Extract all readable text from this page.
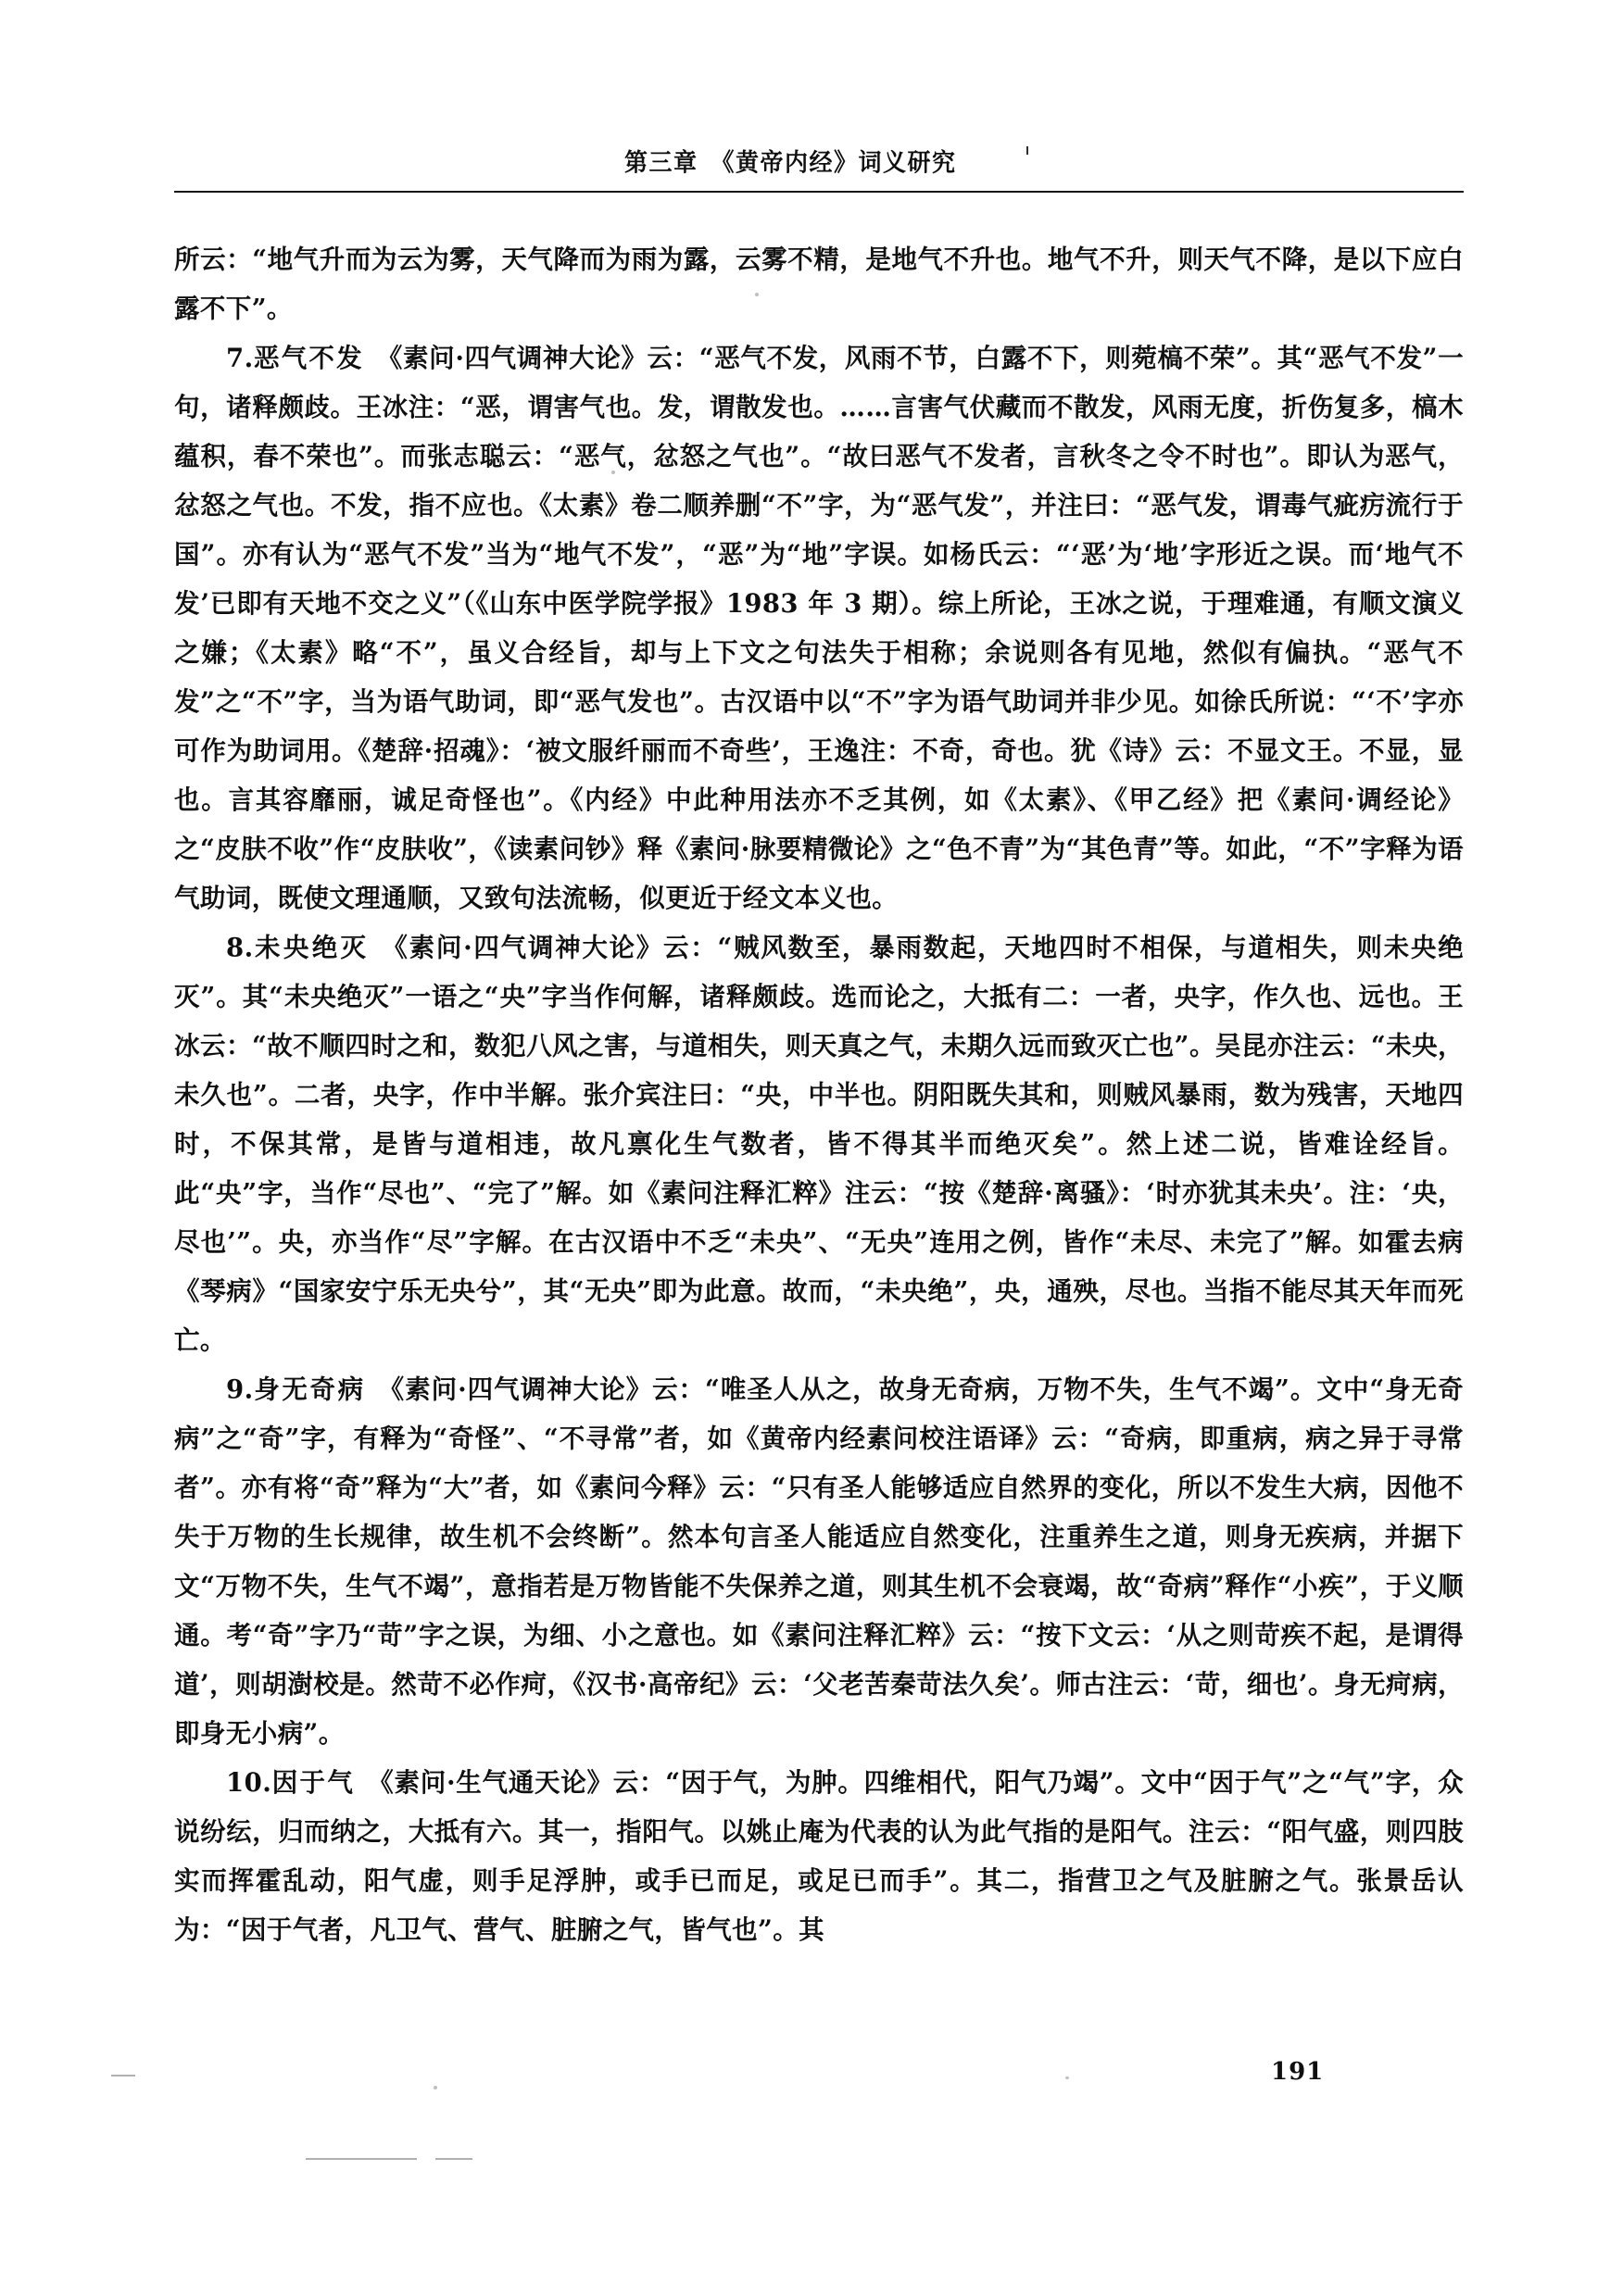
第三章　《黄帝内经》词义研究

所云：“地气升而为云为雾，天气降而为雨为露，云雾不精，是地气不升也。地气不升，则天气不降，是以下应白露不下”。

7.恶气不发 《素问·四气调神大论》云：“恶气不发，风雨不节，白露不下，则菀槁不荣”。其“恶气不发”一句，诸释颇歧。王冰注：“恶，谓害气也。发，谓散发也。……言害气伏藏而不散发，风雨无度，折伤复多，槁木蕴积，春不荣也”。而张志聪云：“恶气，忿怒之气也”。“故曰恶气不发者，言秋冬之令不时也”。即认为恶气，忿怒之气也。不发，指不应也。《太素》卷二顺养删“不”字，为“恶气发”，并注曰：“恶气发，谓毒气疵疠流行于国”。亦有认为“恶气不发”当为“地气不发”，“恶”为“地”字误。如杨氏云：“‘恶’为‘地’字形近之误。而‘地气不发’已即有天地不交之义”（《山东中医学院学报》1983 年 3 期）。综上所论，王冰之说，于理难通，有顺文演义之嫌；《太素》略“不”，虽义合经旨，却与上下文之句法失于相称；余说则各有见地，然似有偏执。“恶气不发”之“不”字，当为语气助词，即“恶气发也”。古汉语中以“不”字为语气助词并非少见。如徐氏所说：“‘不’字亦可作为助词用。《楚辞·招魂》：‘被文服纤丽而不奇些’，王逸注：不奇，奇也。犹《诗》云：不显文王。不显，显也。言其容靡丽，诚足奇怪也”。《内经》中此种用法亦不乏其例，如《太素》、《甲乙经》把《素问·调经论》之“皮肤不收”作“皮肤收”，《读素问钞》释《素问·脉要精微论》之“色不青”为“其色青”等。如此，“不”字释为语气助词，既使文理通顺，又致句法流畅，似更近于经文本义也。

8.未央绝灭 《素问·四气调神大论》云：“贼风数至，暴雨数起，天地四时不相保，与道相失，则未央绝灭”。其“未央绝灭”一语之“央”字当作何解，诸释颇歧。选而论之，大抵有二：一者，央字，作久也、远也。王冰云：“故不顺四时之和，数犯八风之害，与道相失，则天真之气，未期久远而致灭亡也”。吴昆亦注云：“未央，未久也”。二者，央字，作中半解。张介宾注曰：“央，中半也。阴阳既失其和，则贼风暴雨，数为残害，天地四时，不保其常，是皆与道相违，故凡禀化生气数者，皆不得其半而绝灭矣”。然上述二说，皆难诠经旨。此“央”字，当作“尽也”、“完了”解。如《素问注释汇粹》注云：“按《楚辞·离骚》：‘时亦犹其未央’。注：‘央，尽也’”。央，亦当作“尽”字解。在古汉语中不乏“未央”、“无央”连用之例，皆作“未尽、未完了”解。如霍去病《琴病》“国家安宁乐无央兮”，其“无央”即为此意。故而，“未央绝”，央，通殃，尽也。当指不能尽其天年而死亡。

9.身无奇病 《素问·四气调神大论》云：“唯圣人从之，故身无奇病，万物不失，生气不竭”。文中“身无奇病”之“奇”字，有释为“奇怪”、“不寻常”者，如《黄帝内经素问校注语译》云：“奇病，即重病，病之异于寻常者”。亦有将“奇”释为“大”者，如《素问今释》云：“只有圣人能够适应自然界的变化，所以不发生大病，因他不失于万物的生长规律，故生机不会终断”。然本句言圣人能适应自然变化，注重养生之道，则身无疾病，并据下文“万物不失，生气不竭”，意指若是万物皆能不失保养之道，则其生机不会衰竭，故“奇病”释作“小疾”，于义顺通。考“奇”字乃“苛”字之误，为细、小之意也。如《素问注释汇粹》云：“按下文云：‘从之则苛疾不起，是谓得道’，则胡澍校是。然苛不必作疴，《汉书·高帝纪》云：‘父老苦秦苛法久矣’。师古注云：‘苛，细也’。身无疴病，即身无小病”。

10.因于气 《素问·生气通天论》云：“因于气，为肿。四维相代，阳气乃竭”。文中“因于气”之“气”字，众说纷纭，归而纳之，大抵有六。其一，指阳气。以姚止庵为代表的认为此气指的是阳气。注云：“阳气盛，则四肢实而挥霍乱动，阳气虚，则手足浮肿，或手已而足，或足已而手”。其二，指营卫之气及脏腑之气。张景岳认为：“因于气者，凡卫气、营气、脏腑之气，皆气也”。其

191
